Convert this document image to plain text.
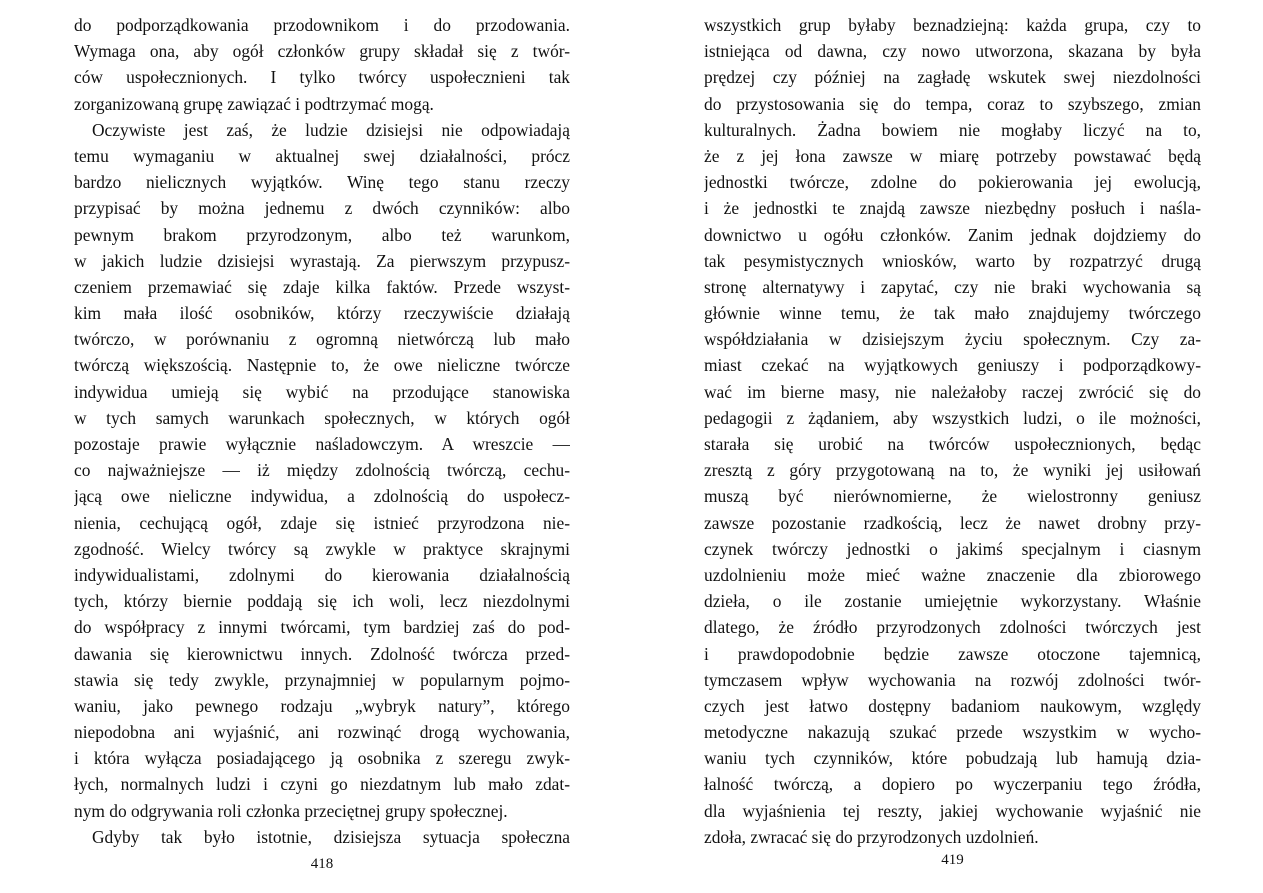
do podporządkowania przodownikom i do przodowania.
Wymaga ona, aby ogół członków grupy składał się z twór-
ców uspołecznionych. I tylko twórcy uspołecznieni tak
zorganizowaną grupę zawiązać i podtrzymać mogą.
Oczywiste jest zaś, że ludzie dzisiejsi nie odpowiadają
temu wymaganiu w aktualnej swej działalności, prócz
bardzo nielicznych wyjątków. Winę tego stanu rzeczy
przypisać by można jednemu z dwóch czynników: albo
pewnym brakom przyrodzonym, albo też warunkom,
w jakich ludzie dzisiejsi wyrastają. Za pierwszym przypusz-
czeniem przemawiać się zdaje kilka faktów. Przede wszyst-
kim mała ilość osobników, którzy rzeczywiście działają
twórczo, w porównaniu z ogromną nietwórczą lub mało
twórczą większością. Następnie to, że owe nieliczne twórcze
indywidua umieją się wybić na przodujące stanowiska
w tych samych warunkach społecznych, w których ogół
pozostaje prawie wyłącznie naśladowczym. A wreszcie —
co najważniejsze — iż między zdolnością twórczą, cechu-
jącą owe nieliczne indywidua, a zdolnością do uspołecz-
nienia, cechującą ogół, zdaje się istnieć przyrodzona nie-
zgodność. Wielcy twórcy są zwykle w praktyce skrajnymi
indywidualistami, zdolnymi do kierowania działalnością
tych, którzy biernie poddają się ich woli, lecz niezdolnymi
do współpracy z innymi twórcami, tym bardziej zaś do pod-
dawania się kierownictwu innych. Zdolność twórcza przed-
stawia się tedy zwykle, przynajmniej w popularnym pojmo-
waniu, jako pewnego rodzaju „wybryk natury”, którego
niepodobna ani wyjaśnić, ani rozwinąć drogą wychowania,
i która wyłącza posiadającego ją osobnika z szeregu zwyk-
łych, normalnych ludzi i czyni go niezdatnym lub mało zdat-
nym do odgrywania roli członka przeciętnej grupy społecznej.
Gdyby tak było istotnie, dzisiejsza sytuacja społeczna
418
wszystkich grup byłaby beznadziejną: każda grupa, czy to
istniejąca od dawna, czy nowo utworzona, skazana by była
prędzej czy później na zagładę wskutek swej niezdolności
do przystosowania się do tempa, coraz to szybszego, zmian
kulturalnych. Żadna bowiem nie mogłaby liczyć na to,
że z jej łona zawsze w miarę potrzeby powstawać będą
jednostki twórcze, zdolne do pokierowania jej ewolucją,
i że jednostki te znajdą zawsze niezbędny posłuch i naśla-
downictwo u ogółu członków. Zanim jednak dojdziemy do
tak pesymistycznych wniosków, warto by rozpatrzyć drugą
stronę alternatywy i zapytać, czy nie braki wychowania są
głównie winne temu, że tak mało znajdujemy twórczego
współdziałania w dzisiejszym życiu społecznym. Czy za-
miast czekać na wyjątkowych geniuszy i podporządkowy-
wać im bierne masy, nie należałoby raczej zwrócić się do
pedagogii z żądaniem, aby wszystkich ludzi, o ile możności,
starała się urobić na twórców uspołecznionych, będąc
zresztą z góry przygotowaną na to, że wyniki jej usiłowań
muszą być nierównomierne, że wielostronny geniusz
zawsze pozostanie rzadkością, lecz że nawet drobny przy-
czynek twórczy jednostki o jakimś specjalnym i ciasnym
uzdolnieniu może mieć ważne znaczenie dla zbiorowego
dzieła, o ile zostanie umiejętnie wykorzystany. Właśnie
dlatego, że źródło przyrodzonych zdolności twórczych jest
i prawdopodobnie będzie zawsze otoczone tajemnicą,
tymczasem wpływ wychowania na rozwój zdolności twór-
czych jest łatwo dostępny badaniom naukowym, względy
metodyczne nakazują szukać przede wszystkim w wycho-
waniu tych czynników, które pobudzają lub hamują dzia-
łalność twórczą, a dopiero po wyczerpaniu tego źródła,
dla wyjaśnienia tej reszty, jakiej wychowanie wyjaśnić nie
zdoła, zwracać się do przyrodzonych uzdolnień.
419
